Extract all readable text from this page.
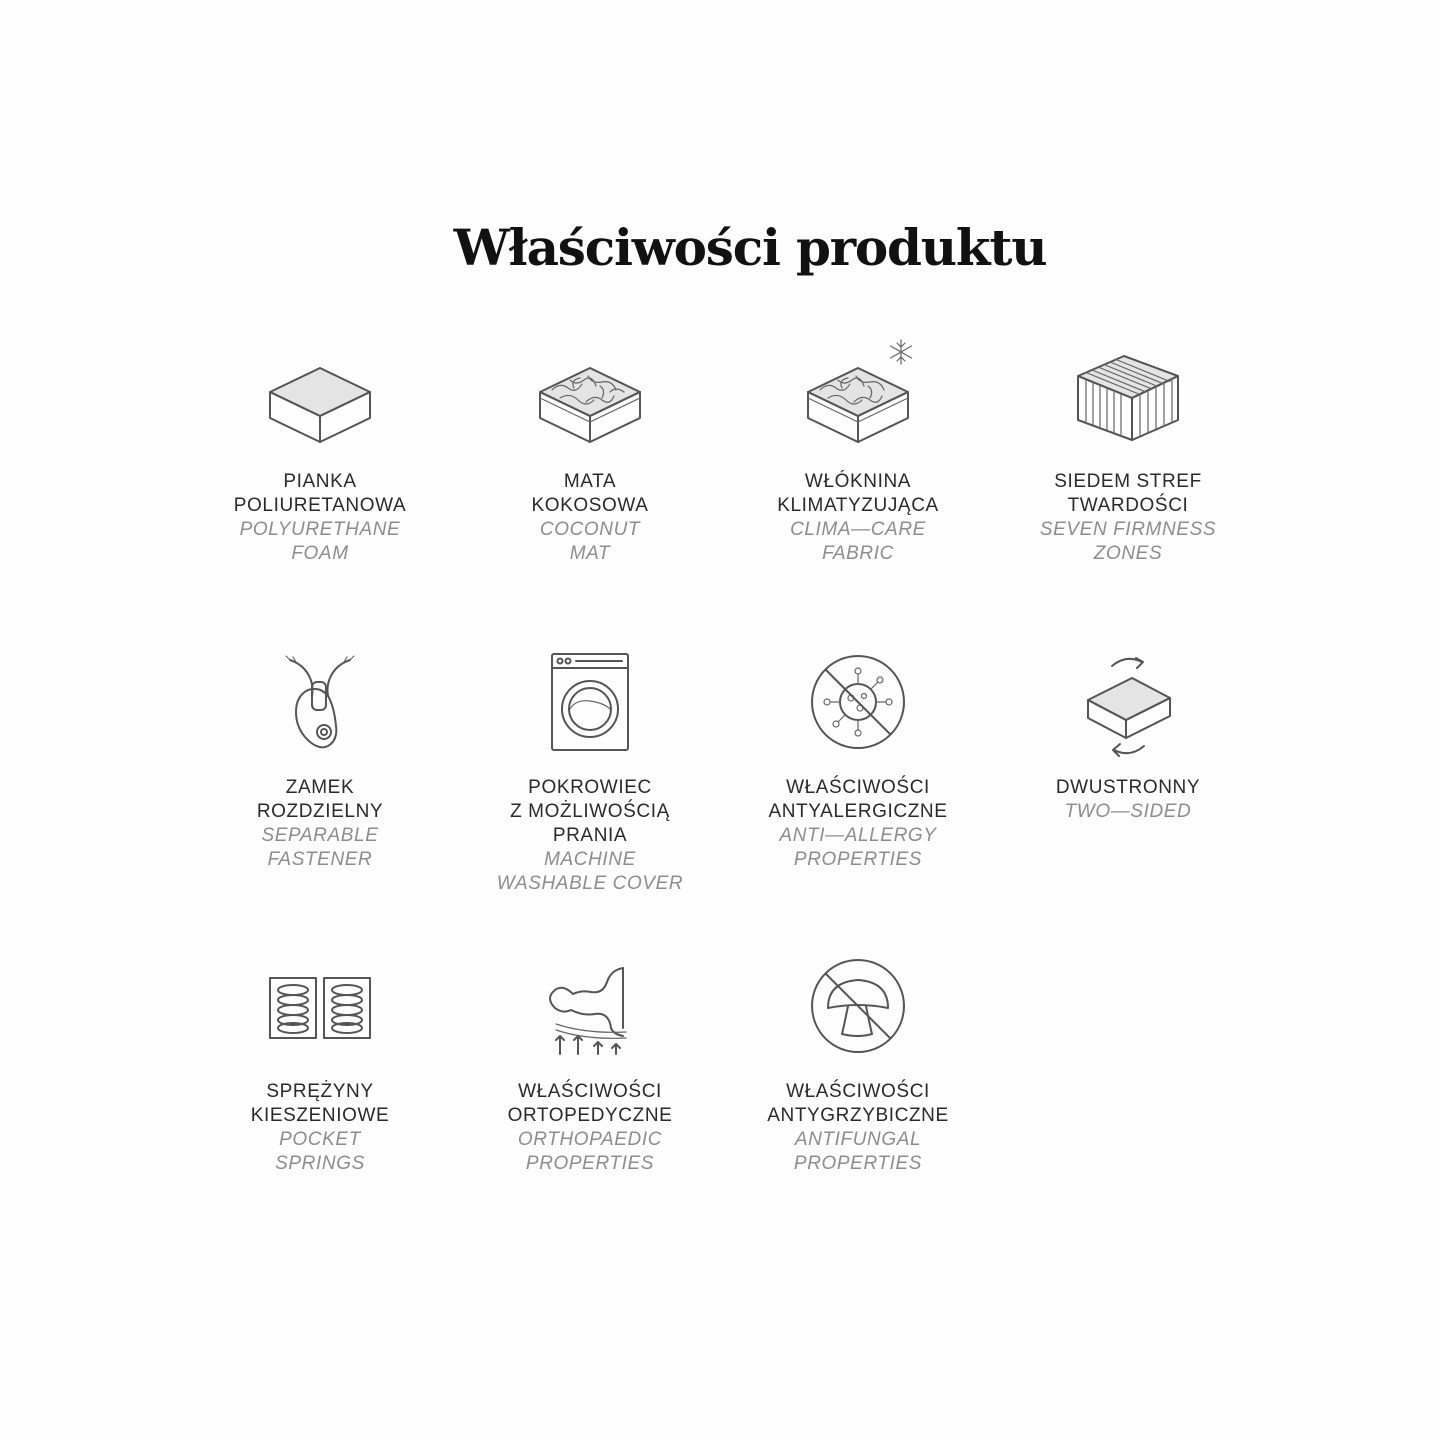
Właściwości produktu
PIANKA
POLIURETANOWA
POLYURETHANE
FOAM
MATA
KOKOSOWA
COCONUT
MAT
WŁÓKNINA
KLIMATYZUJĄCA
CLIMA—CARE
FABRIC
SIEDEM STREF
TWARDOŚCI
SEVEN FIRMNESS
ZONES
ZAMEK
ROZDZIELNY
SEPARABLE
FASTENER
POKROWIEC
Z MOŻLIWOŚCIĄ
PRANIA
MACHINE
WASHABLE COVER
WŁAŚCIWOŚCI
ANTYALERGICZNE
ANTI—ALLERGY
PROPERTIES
DWUSTRONNY
TWO—SIDED
SPRĘŻYNY
KIESZENIOWE
POCKET
SPRINGS
WŁAŚCIWOŚCI
ORTOPEDYCZNE
ORTHOPAEDIC
PROPERTIES
WŁAŚCIWOŚCI
ANTYGRZYBICZNE
ANTIFUNGAL
PROPERTIES
